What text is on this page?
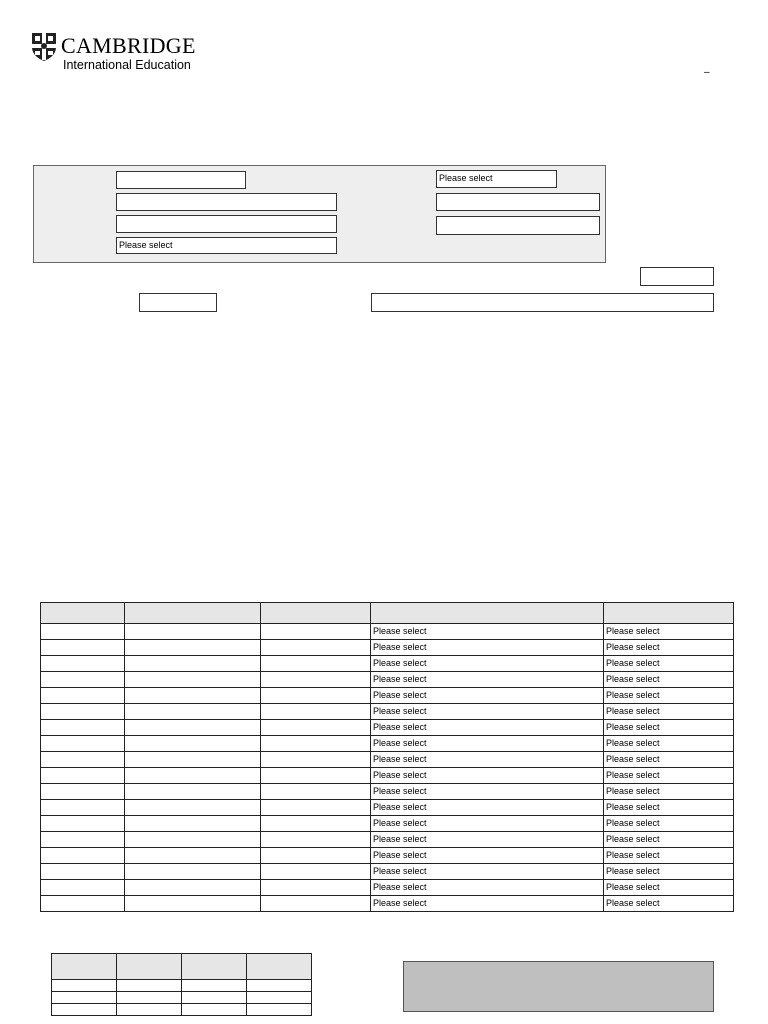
CAMBRIDGE
International Education
–
Please select
Please select

			Please select	Please select
			Please select	Please select
			Please select	Please select
			Please select	Please select
			Please select	Please select
			Please select	Please select
			Please select	Please select
			Please select	Please select
			Please select	Please select
			Please select	Please select
			Please select	Please select
			Please select	Please select
			Please select	Please select
			Please select	Please select
			Please select	Please select
			Please select	Please select
			Please select	Please select
			Please select	Please select
